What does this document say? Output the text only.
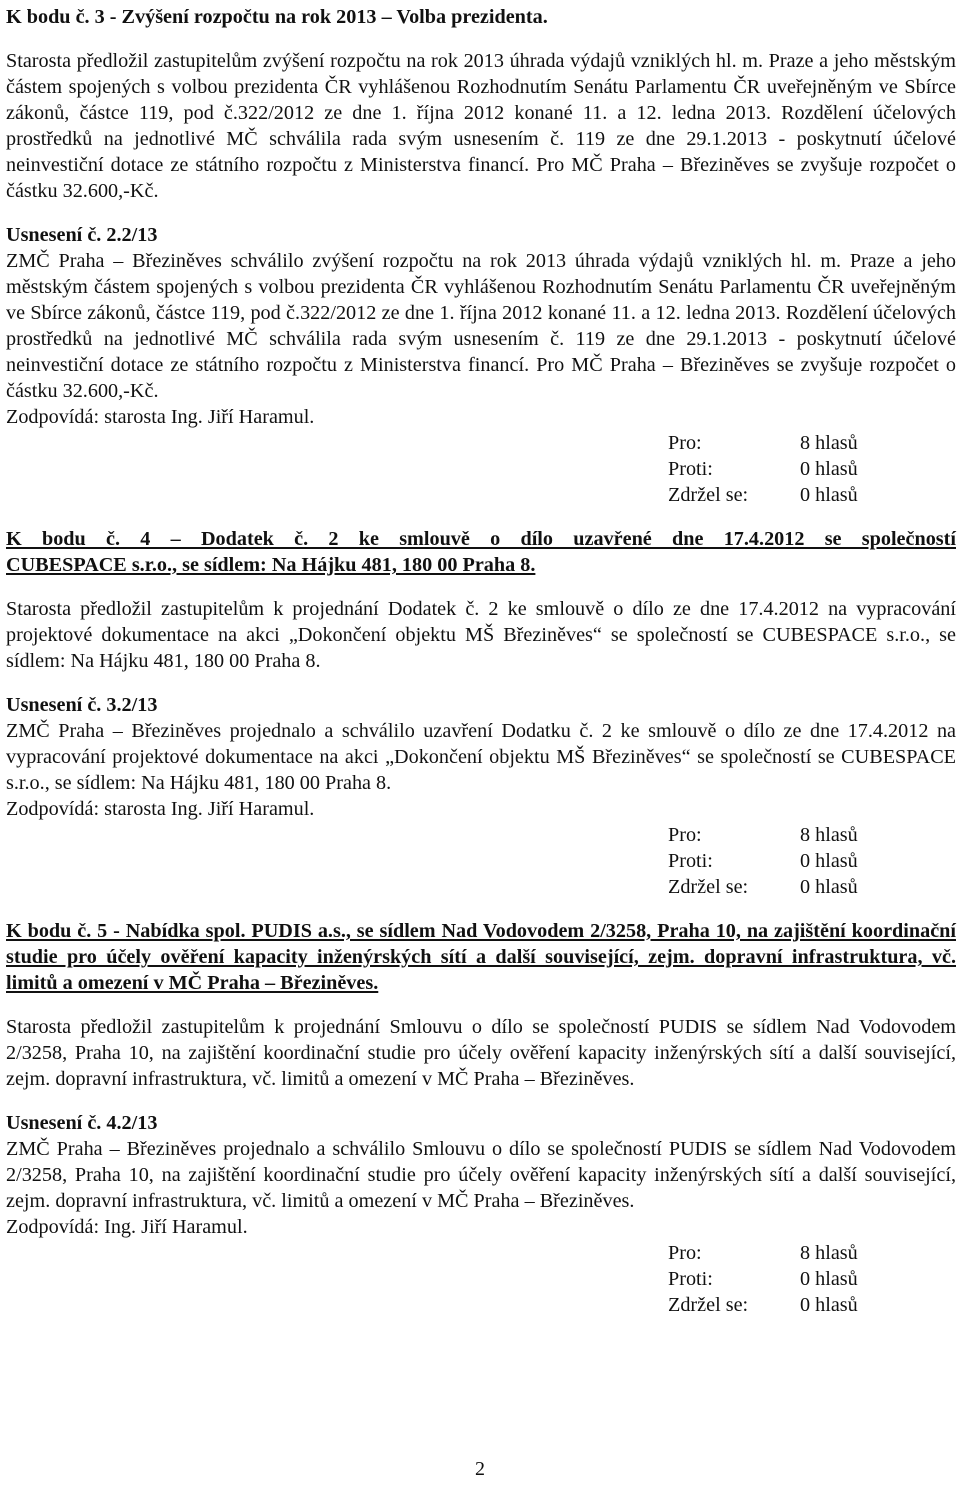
K bodu č. 3 - Zvýšení rozpočtu na rok 2013 – Volba prezidenta.

Starosta předložil zastupitelům zvýšení rozpočtu na rok 2013 úhrada výdajů vzniklých hl. m. Praze a jeho městským částem spojených s volbou prezidenta ČR vyhlášenou Rozhodnutím Senátu Parlamentu ČR uveřejněným ve Sbírce zákonů, částce 119, pod č.322/2012 ze dne 1. října 2012 konané 11. a 12. ledna 2013. Rozdělení účelových prostředků na jednotlivé MČ schválila rada svým usnesením č. 119 ze dne 29.1.2013 - poskytnutí účelové neinvestiční dotace ze státního rozpočtu z Ministerstva financí. Pro MČ Praha – Březiněves se zvyšuje rozpočet o částku 32.600,-Kč.

Usnesení č. 2.2/13

ZMČ Praha – Březiněves schválilo zvýšení rozpočtu na rok 2013 úhrada výdajů vzniklých hl. m. Praze a jeho městským částem spojených s volbou prezidenta ČR vyhlášenou Rozhodnutím Senátu Parlamentu ČR uveřejněným ve Sbírce zákonů, částce 119, pod č.322/2012 ze dne 1. října 2012 konané 11. a 12. ledna 2013. Rozdělení účelových prostředků na jednotlivé MČ schválila rada svým usnesením č. 119 ze dne 29.1.2013 - poskytnutí účelové neinvestiční dotace ze státního rozpočtu z Ministerstva financí. Pro MČ Praha – Březiněves se zvyšuje rozpočet o částku 32.600,-Kč.

Zodpovídá: starosta Ing. Jiří Haramul.

Pro:	8 hlasů
Proti:	0 hlasů
Zdržel se:	0 hlasů

K bodu č. 4 – Dodatek č. 2 ke smlouvě o dílo uzavřené dne 17.4.2012 se společností

CUBESPACE s.r.o., se sídlem: Na Hájku 481, 180 00 Praha 8.

Starosta předložil zastupitelům k projednání Dodatek č. 2 ke smlouvě o dílo ze dne 17.4.2012 na vypracování projektové dokumentace na akci „Dokončení objektu MŠ Březiněves“ se společností se CUBESPACE s.r.o., se sídlem: Na Hájku 481, 180 00 Praha 8.

Usnesení č. 3.2/13

ZMČ Praha – Březiněves projednalo a schválilo uzavření Dodatku č. 2 ke smlouvě o dílo ze dne 17.4.2012 na vypracování projektové dokumentace na akci „Dokončení objektu MŠ Březiněves“ se společností se CUBESPACE s.r.o., se sídlem: Na Hájku 481, 180 00 Praha 8.

Zodpovídá: starosta Ing. Jiří Haramul.

Pro:	8 hlasů
Proti:	0 hlasů
Zdržel se:	0 hlasů

K bodu č. 5 - Nabídka spol. PUDIS a.s., se sídlem Nad Vodovodem 2/3258, Praha 10, na zajištění koordinační studie pro účely ověření kapacity inženýrských sítí a další související, zejm. dopravní infrastruktura, vč. limitů a omezení v MČ Praha – Březiněves.

Starosta předložil zastupitelům k projednání Smlouvu o dílo se společností PUDIS se sídlem Nad Vodovodem 2/3258, Praha 10, na zajištění koordinační studie pro účely ověření kapacity inženýrských sítí a další související, zejm. dopravní infrastruktura, vč. limitů a omezení v MČ Praha – Březiněves.

Usnesení č. 4.2/13

ZMČ Praha – Březiněves projednalo a schválilo Smlouvu o dílo se společností PUDIS se sídlem Nad Vodovodem 2/3258, Praha 10, na zajištění koordinační studie pro účely ověření kapacity inženýrských sítí a další související, zejm. dopravní infrastruktura, vč. limitů a omezení v MČ Praha – Březiněves.

Zodpovídá: Ing. Jiří Haramul.

Pro:	8 hlasů
Proti:	0 hlasů
Zdržel se:	0 hlasů
2
